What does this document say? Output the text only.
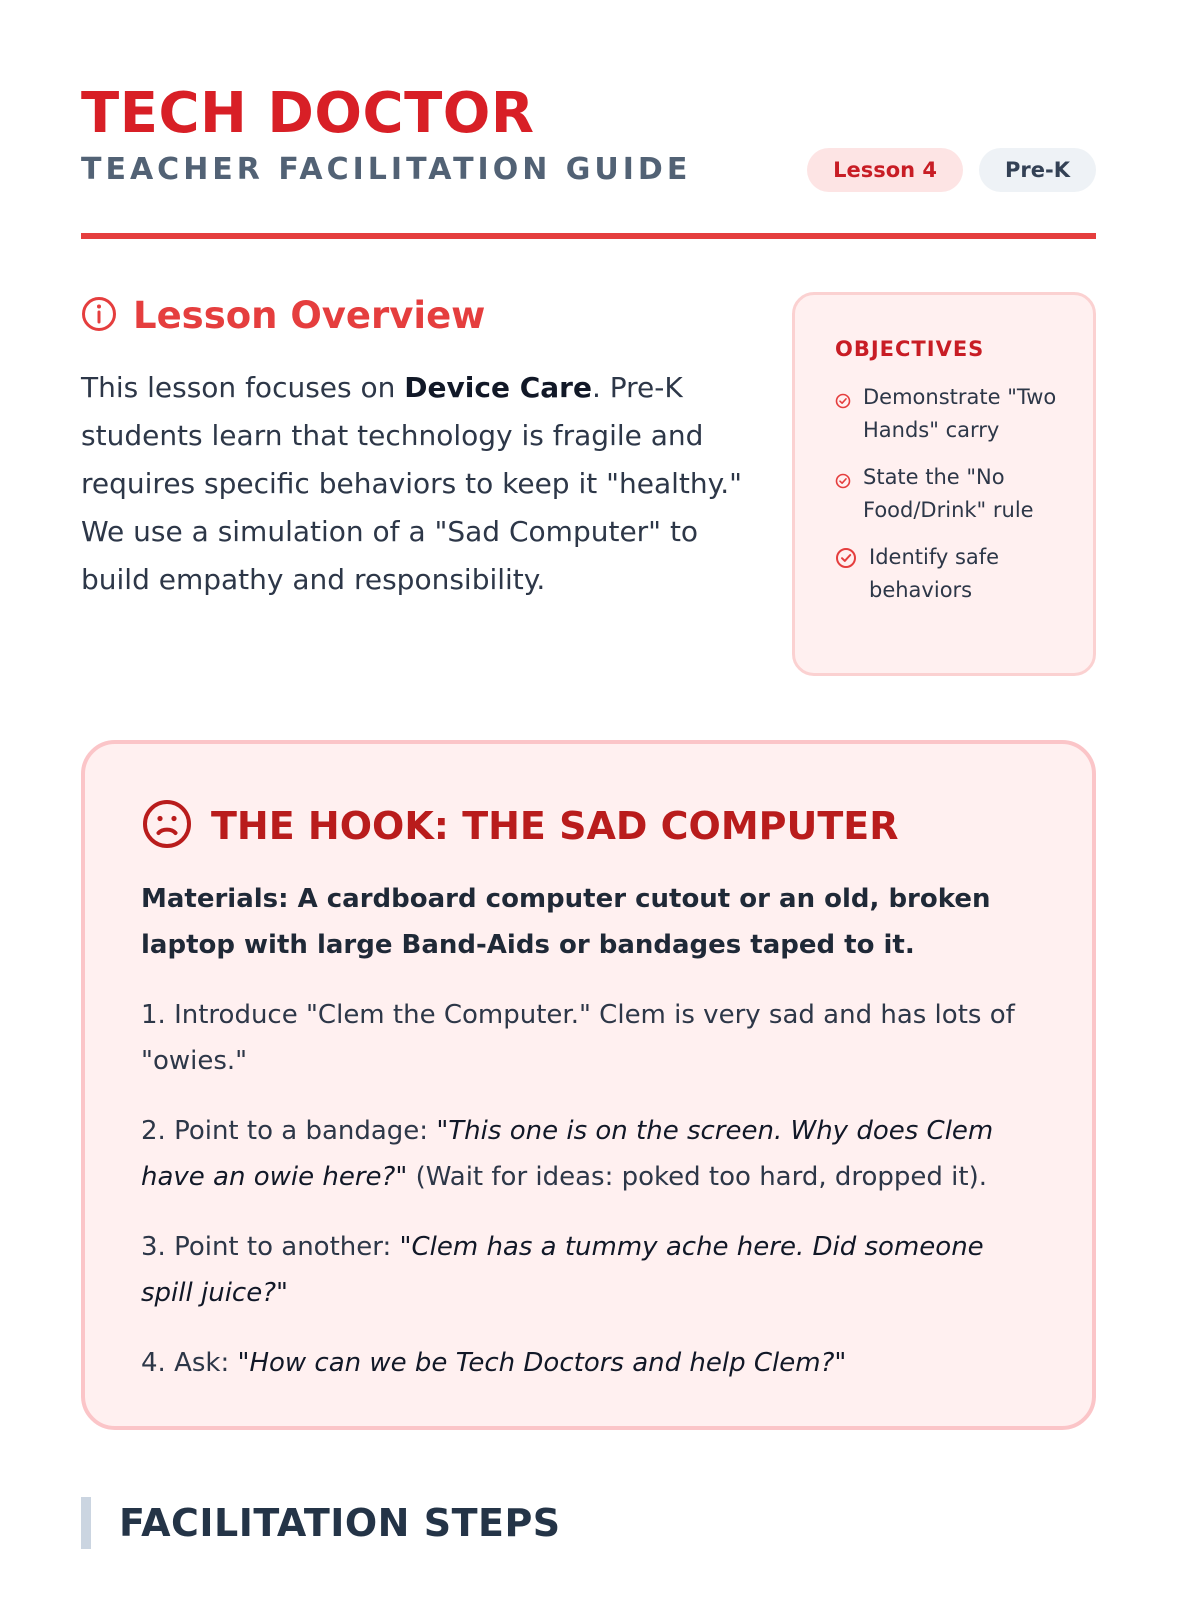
TECH DOCTOR
TEACHER FACILITATION GUIDE	Lesson 4	Pre-K
Lesson Overview

This lesson focuses on Device Care. Pre-K students learn that technology is fragile and requires specific behaviors to keep it "healthy." We use a simulation of a "Sad Computer" to build empathy and responsibility.

OBJECTIVES
Demonstrate "Two Hands" carry
State the "No Food/Drink" rule
Identify safe behaviors
THE HOOK: THE SAD COMPUTER

Materials: A cardboard computer cutout or an old, broken laptop with large Band-Aids or bandages taped to it.

1. Introduce "Clem the Computer." Clem is very sad and has lots of "owies."

2. Point to a bandage: "This one is on the screen. Why does Clem have an owie here?" (Wait for ideas: poked too hard, dropped it).

3. Point to another: "Clem has a tummy ache here. Did someone spill juice?"

4. Ask: "How can we be Tech Doctors and help Clem?"

FACILITATION STEPS
